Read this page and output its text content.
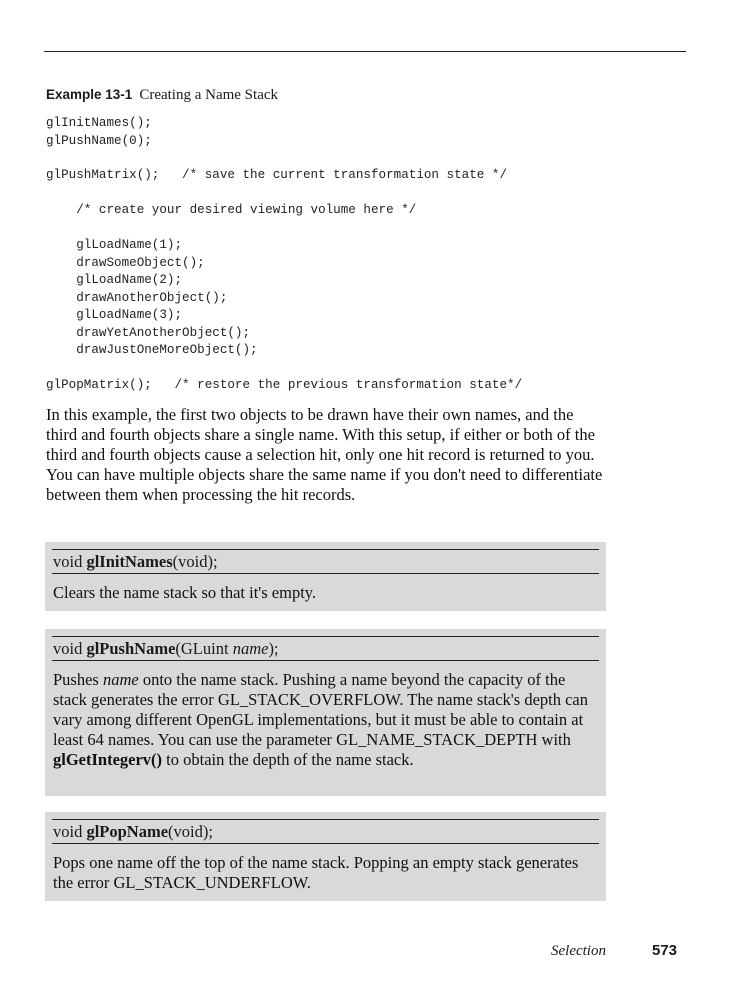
Example 13-1 Creating a Name Stack
glInitNames();
glPushName(0);
glPushMatrix();   /* save the current transformation state */
/* create your desired viewing volume here */
glLoadName(1);
drawSomeObject();
glLoadName(2);
drawAnotherObject();
glLoadName(3);
drawYetAnotherObject();
drawJustOneMoreObject();
glPopMatrix();   /* restore the previous transformation state*/

In this example, the first two objects to be drawn have their own names, and the third and fourth objects share a single name. With this setup, if either or both of the third and fourth objects cause a selection hit, only one hit record is returned to you. You can have multiple objects share the same name if you don't need to differentiate between them when processing the hit records.

void glInitNames(void);

Clears the name stack so that it's empty.

void glPushName(GLuint name);

Pushes name onto the name stack. Pushing a name beyond the capacity of the stack generates the error GL_STACK_OVERFLOW. The name stack's depth can vary among different OpenGL implementations, but it must be able to contain at least 64 names. You can use the parameter GL_NAME_STACK_DEPTH with glGetIntegerv() to obtain the depth of the name stack.

void glPopName(void);

Pops one name off the top of the name stack. Popping an empty stack generates the error GL_STACK_UNDERFLOW.

Selection	573
